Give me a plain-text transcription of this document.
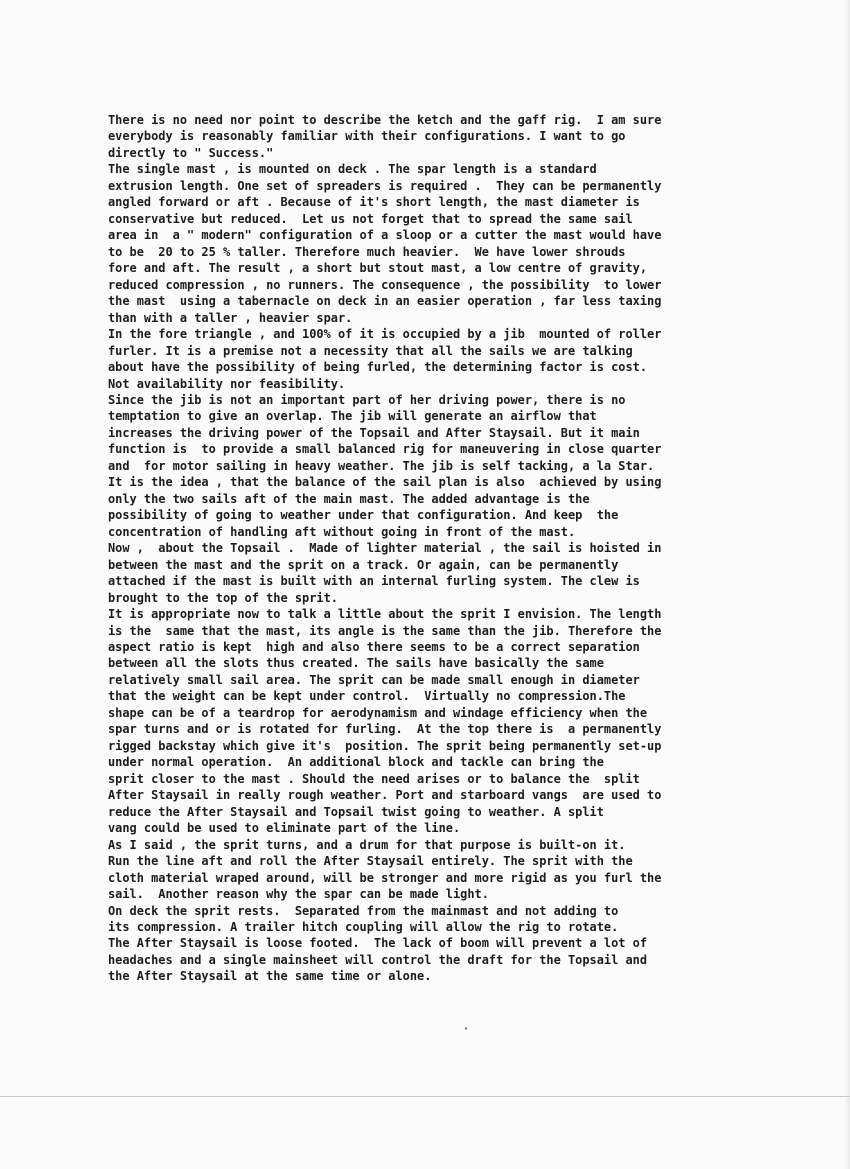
There is no need nor point to describe the ketch and the gaff rig.  I am sure
everybody is reasonably familiar with their configurations. I want to go
directly to " Success."
The single mast , is mounted on deck . The spar length is a standard
extrusion length. One set of spreaders is required .  They can be permanently
angled forward or aft . Because of it's short length, the mast diameter is
conservative but reduced.  Let us not forget that to spread the same sail
area in  a " modern" configuration of a sloop or a cutter the mast would have
to be  20 to 25 % taller. Therefore much heavier.  We have lower shrouds
fore and aft. The result , a short but stout mast, a low centre of gravity,
reduced compression , no runners. The consequence , the possibility  to lower
the mast  using a tabernacle on deck in an easier operation , far less taxing
than with a taller , heavier spar.
In the fore triangle , and 100% of it is occupied by a jib  mounted of roller
furler. It is a premise not a necessity that all the sails we are talking
about have the possibility of being furled, the determining factor is cost.
Not availability nor feasibility.
Since the jib is not an important part of her driving power, there is no
temptation to give an overlap. The jib will generate an airflow that
increases the driving power of the Topsail and After Staysail. But it main
function is  to provide a small balanced rig for maneuvering in close quarter
and  for motor sailing in heavy weather. The jib is self tacking, a la Star.
It is the idea , that the balance of the sail plan is also  achieved by using
only the two sails aft of the main mast. The added advantage is the
possibility of going to weather under that configuration. And keep  the
concentration of handling aft without going in front of the mast.
Now ,  about the Topsail .  Made of lighter material , the sail is hoisted in
between the mast and the sprit on a track. Or again, can be permanently
attached if the mast is built with an internal furling system. The clew is
brought to the top of the sprit.
It is appropriate now to talk a little about the sprit I envision. The length
is the  same that the mast, its angle is the same than the jib. Therefore the
aspect ratio is kept  high and also there seems to be a correct separation
between all the slots thus created. The sails have basically the same
relatively small sail area. The sprit can be made small enough in diameter
that the weight can be kept under control.  Virtually no compression.The
shape can be of a teardrop for aerodynamism and windage efficiency when the
spar turns and or is rotated for furling.  At the top there is  a permanently
rigged backstay which give it's  position. The sprit being permanently set-up
under normal operation.  An additional block and tackle can bring the
sprit closer to the mast . Should the need arises or to balance the  split
After Staysail in really rough weather. Port and starboard vangs  are used to
reduce the After Staysail and Topsail twist going to weather. A split
vang could be used to eliminate part of the line.
As I said , the sprit turns, and a drum for that purpose is built-on it.
Run the line aft and roll the After Staysail entirely. The sprit with the
cloth material wraped around, will be stronger and more rigid as you furl the
sail.  Another reason why the spar can be made light.
On deck the sprit rests.  Separated from the mainmast and not adding to
its compression. A trailer hitch coupling will allow the rig to rotate.
The After Staysail is loose footed.  The lack of boom will prevent a lot of
headaches and a single mainsheet will control the draft for the Topsail and
the After Staysail at the same time or alone.
